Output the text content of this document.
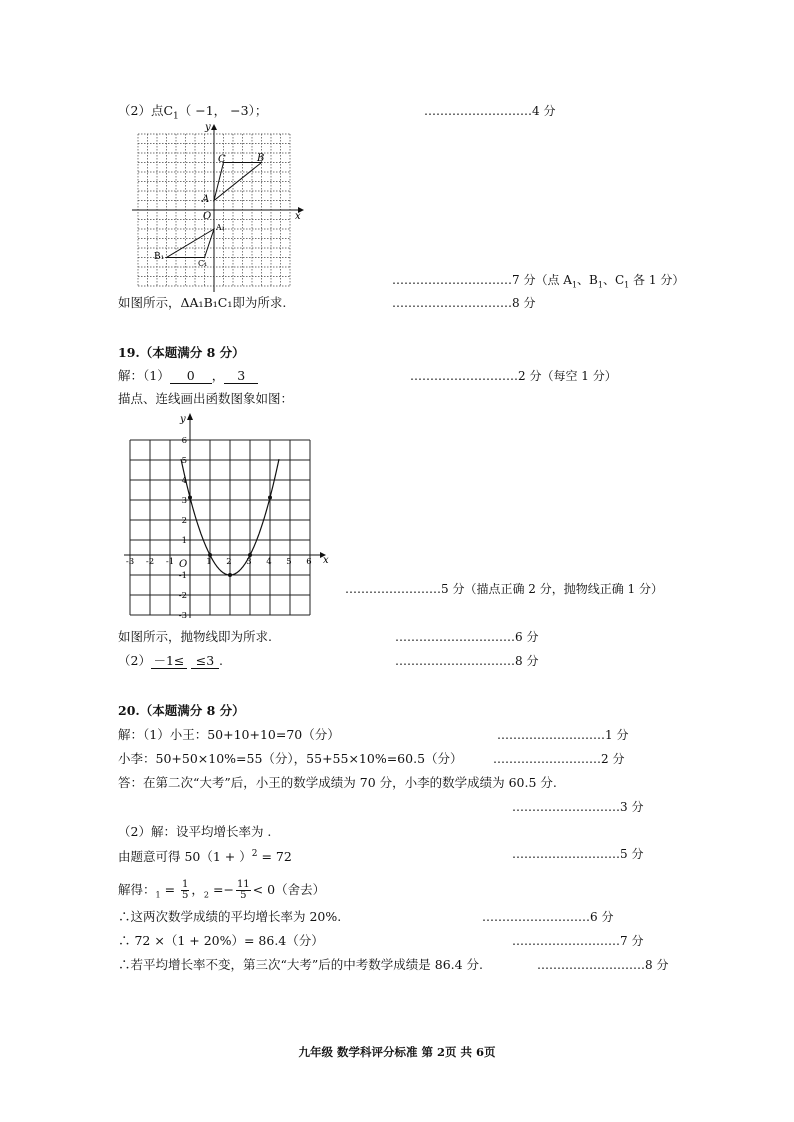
（2）点$C_1( -1$， −3）；	………………………4 分
y
x
O
A
C	B
A₁
B₁
C₁
…………………………7 分（点 $A_1$、$B_1$、$C_1$ 各 1 分）
如图所示，ΔA₁B₁C₁即为所求.	…………………………8 分
19.（本题满分 8 分）
解：（1） 0 ， 3	………………………2 分（每空 1 分）
描点、连线画出函数图象如图：
y
x
O
-3 -2 -1	1 2 3 4 5 6
6
5
4
3
2
1
-1
-2
-3
……………………5 分（描点正确 2 分，抛物线正确 1 分）
如图所示，抛物线即为所求.	…………………………6 分
（2） －1≤ ≤3 .	…………………………8 分
20.（本题满分 8 分）
解：（1）小王：50+10+10=70（分）	………………………1 分
小李：50+50×10%=55（分），55+55×10%=60.5（分）	………………………2 分
答：在第二次“大考”后，小王的数学成绩为 70 分，小李的数学成绩为 60.5 分.
………………………3 分
（2）解：设平均增长率为 .
由题意可得 $50(1 + )^2 = 72$	………………………5 分
解得：$_1 = \frac{1}{5}$ ，$_2 =- \frac{11}{5} < 0$（舍去）
∴这两次数学成绩的平均增长率为 20%.	………………………6 分
∴ 72 ×（1 + 20%）= 86.4（分）	………………………7 分
∴若平均增长率不变，第三次“大考”后的中考数学成绩是 86.4 分.	………………………8 分
九年级 数学科评分标准 第 2页 共 6页
